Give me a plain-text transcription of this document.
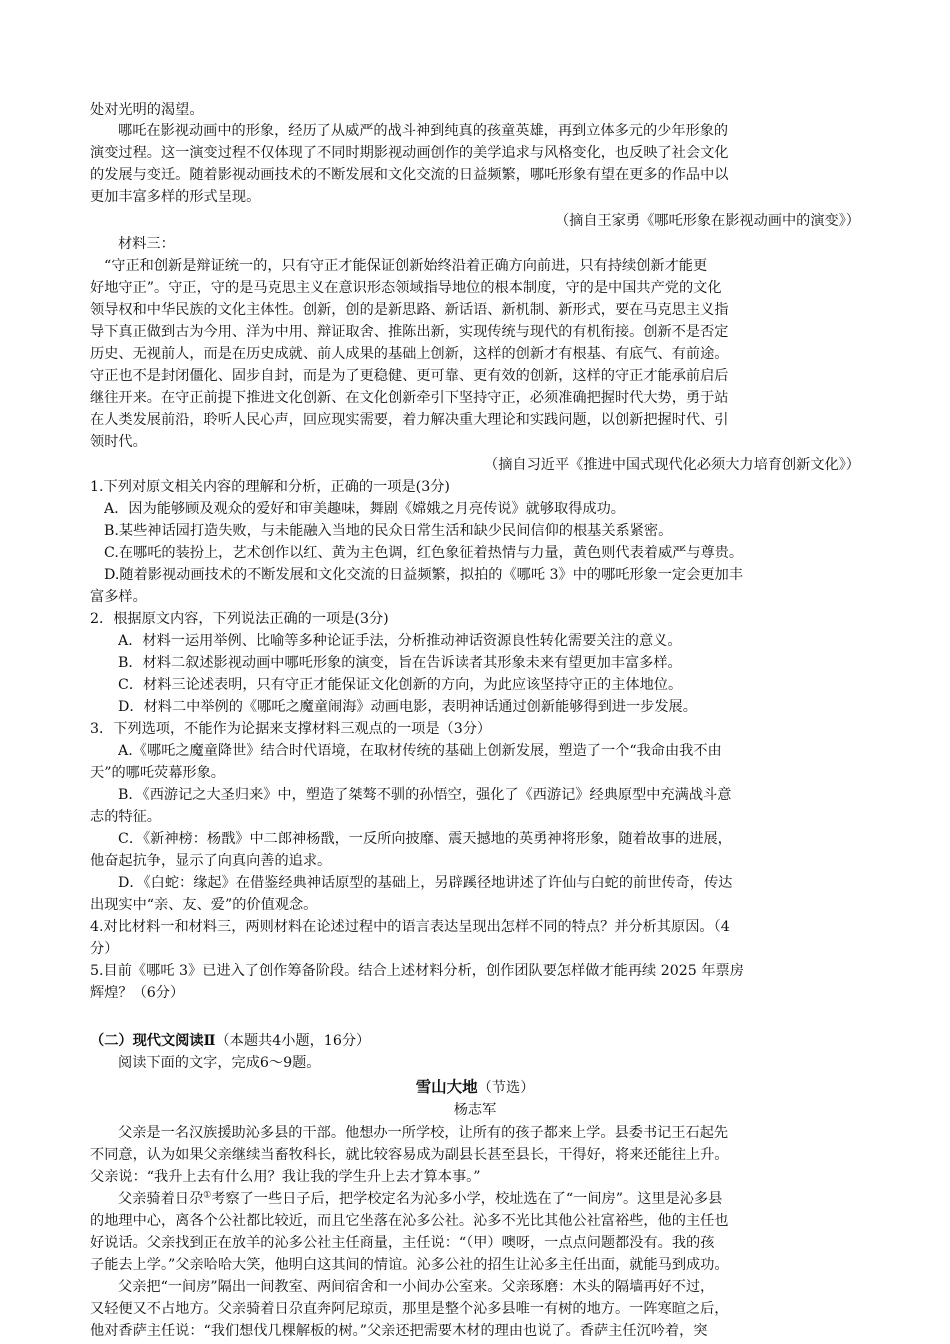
处对光明的渴望。
哪吒在影视动画中的形象，经历了从威严的战斗神到纯真的孩童英雄，再到立体多元的少年形象的
演变过程。这一演变过程不仅体现了不同时期影视动画创作的美学追求与风格变化，也反映了社会文化
的发展与变迁。随着影视动画技术的不断发展和文化交流的日益频繁，哪吒形象有望在更多的作品中以
更加丰富多样的形式呈现。
（摘自王家勇《哪吒形象在影视动画中的演变》）
材料三：
“守正和创新是辩证统一的，只有守正才能保证创新始终沿着正确方向前进，只有持续创新才能更
好地守正”。守正，守的是马克思主义在意识形态领域指导地位的根本制度，守的是中国共产党的文化
领导权和中华民族的文化主体性。创新，创的是新思路、新话语、新机制、新形式，要在马克思主义指
导下真正做到古为今用、洋为中用、辩证取舍、推陈出新，实现传统与现代的有机衔接。创新不是否定
历史、无视前人，而是在历史成就、前人成果的基础上创新，这样的创新才有根基、有底气、有前途。
守正也不是封闭僵化、固步自封，而是为了更稳健、更可靠、更有效的创新，这样的守正才能承前启后
继往开来。在守正前提下推进文化创新、在文化创新牵引下坚持守正，必须准确把握时代大势，勇于站
在人类发展前沿，聆听人民心声，回应现实需要，着力解决重大理论和实践问题，以创新把握时代、引
领时代。
（摘自习近平《推进中国式现代化必须大力培育创新文化》）
1.下列对原文相关内容的理解和分析，正确的一项是(3分)
A．因为能够顾及观众的爱好和审美趣味，舞剧《嫦娥之月亮传说》就够取得成功。
B.某些神话园打造失败，与未能融入当地的民众日常生活和缺少民间信仰的根基关系紧密。
C.在哪吒的装扮上，艺术创作以红、黄为主色调，红色象征着热情与力量，黄色则代表着威严与尊贵。
D.随着影视动画技术的不断发展和文化交流的日益频繁，拟拍的《哪吒 3》中的哪吒形象一定会更加丰
富多样。
2．根据原文内容，下列说法正确的一项是(3分)
A．材料一运用举例、比喻等多种论证手法，分析推动神话资源良性转化需要关注的意义。
B．材料二叙述影视动画中哪吒形象的演变，旨在告诉读者其形象未来有望更加丰富多样。
C．材料三论述表明，只有守正才能保证文化创新的方向，为此应该坚持守正的主体地位。
D．材料二中举例的《哪吒之魔童闹海》动画电影，表明神话通过创新能够得到进一步发展。
3．下列选项，不能作为论据来支撑材料三观点的一项是（3分）
A.《哪吒之魔童降世》结合时代语境，在取材传统的基础上创新发展，塑造了一个“我命由我不由
天”的哪吒荧幕形象。
B．《西游记之大圣归来》中，塑造了桀骜不驯的孙悟空，强化了《西游记》经典原型中充满战斗意
志的特征。
C．《新神榜：杨戬》中二郎神杨戬，一反所向披靡、震天撼地的英勇神将形象，随着故事的进展，
他奋起抗争，显示了向真向善的追求。
D．《白蛇：缘起》在借鉴经典神话原型的基础上，另辟蹊径地讲述了许仙与白蛇的前世传奇，传达
出现实中“亲、友、爱”的价值观念。
4.对比材料一和材料三，两则材料在论述过程中的语言表达呈现出怎样不同的特点？并分析其原因。（4
分）
5.目前《哪吒 3》已进入了创作筹备阶段。结合上述材料分析，创作团队要怎样做才能再续 2025 年票房
辉煌？（6分）
（二）现代文阅读Ⅱ（本题共4小题，16分）
阅读下面的文字，完成6～9题。
雪山大地（节选）
杨志军
父亲是一名汉族援助沁多县的干部。他想办一所学校，让所有的孩子都来上学。县委书记王石起先
不同意，认为如果父亲继续当畜牧科长，就比较容易成为副县长甚至县长，干得好，将来还能往上升。
父亲说：“我升上去有什么用？我让我的学生升上去才算本事。”
父亲骑着日尕①考察了一些日子后，把学校定名为沁多小学，校址选在了“一间房”。这里是沁多县
的地理中心，离各个公社都比较近，而且它坐落在沁多公社。沁多不光比其他公社富裕些，他的主任也
好说话。父亲找到正在放羊的沁多公社主任商量，主任说：“（甲）噢呀，一点点问题都没有。我的孩
子能去上学。”父亲哈哈大笑，他明白这其间的情谊。沁多公社的招生让沁多主任出面，就能马到成功。
父亲把“一间房”隔出一间教室、两间宿舍和一小间办公室来。父亲琢磨：木头的隔墙再好不过，
又轻便又不占地方。父亲骑着日尕直奔阿尼琼贡，那里是整个沁多县唯一有树的地方。一阵寒暄之后，
他对香萨主任说：“我们想伐几棵解板的树。”父亲还把需要木材的理由也说了。香萨主任沉吟着，突
